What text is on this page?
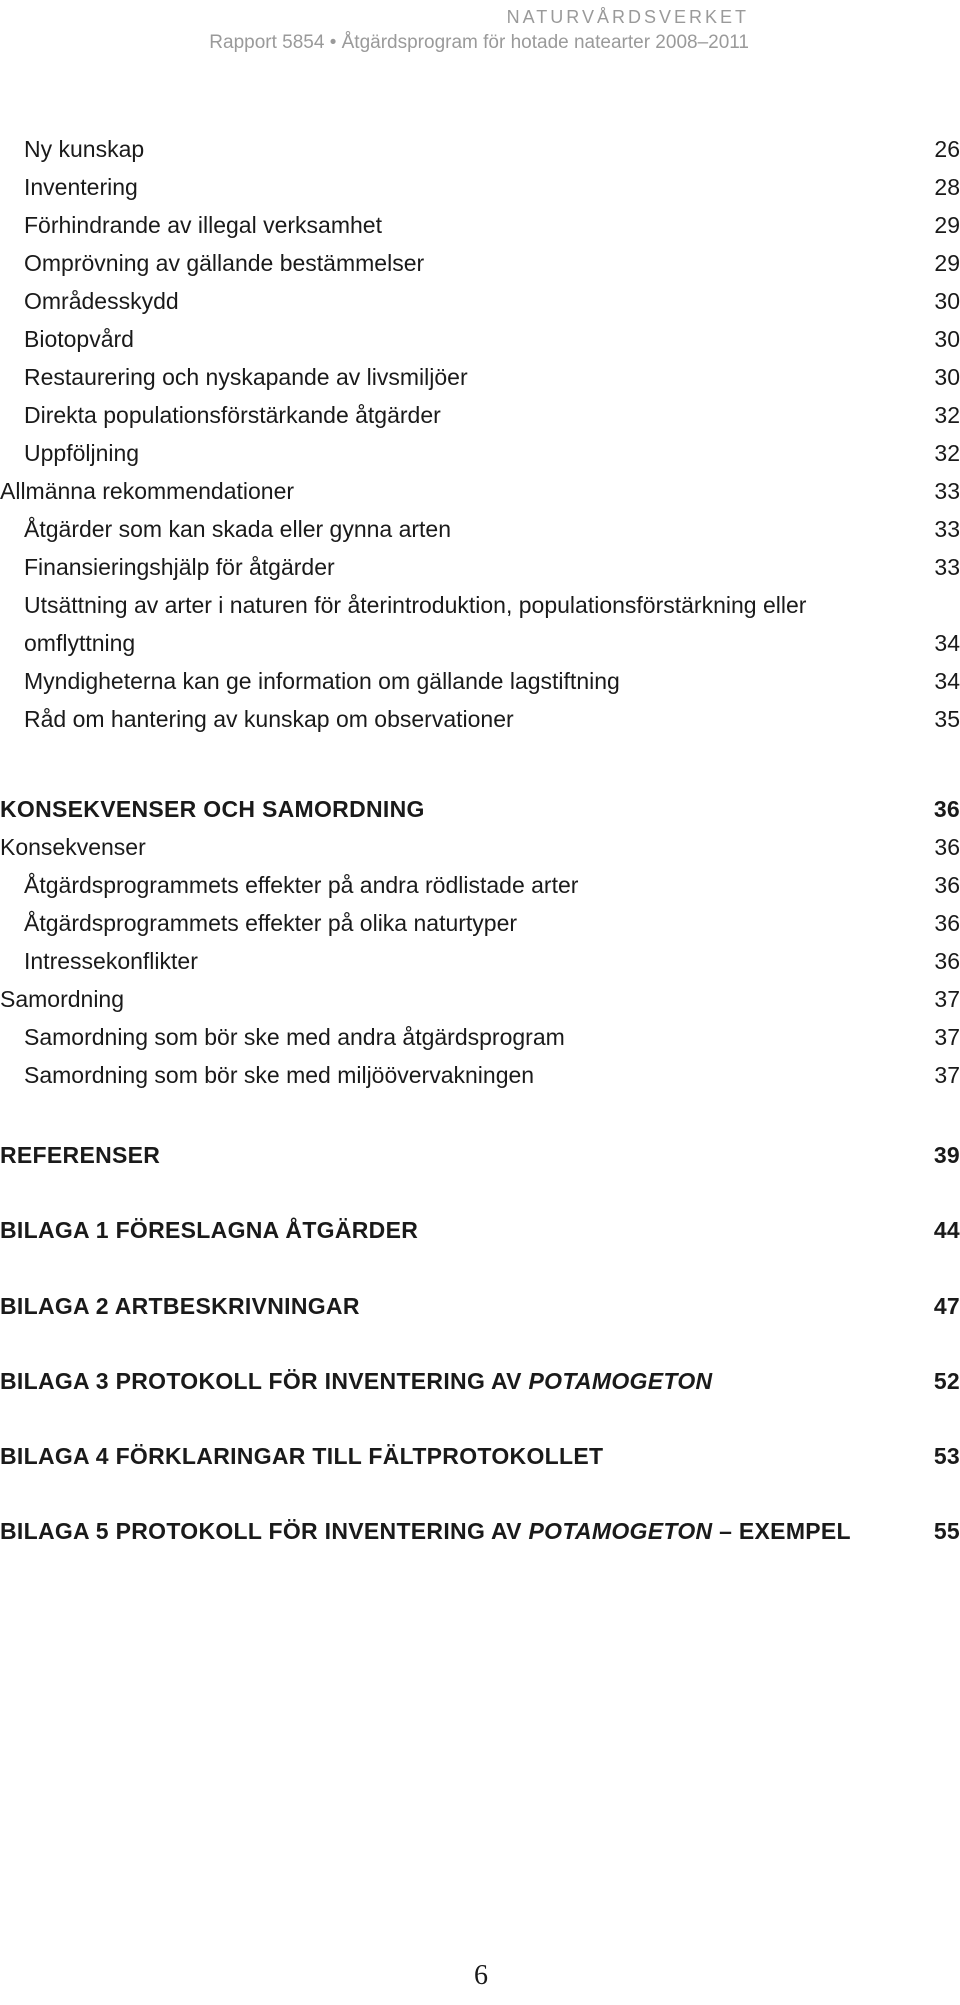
NATURVÅRDSVERKET
Rapport 5854 • Åtgärdsprogram för hotade natearter 2008–2011
Ny kunskap	26
Inventering	28
Förhindrande av illegal verksamhet	29
Omprövning av gällande bestämmelser	29
Områdesskydd	30
Biotopvård	30
Restaurering och nyskapande av livsmiljöer	30
Direkta populationsförstärkande åtgärder	32
Uppföljning	32
Allmänna rekommendationer	33
Åtgärder som kan skada eller gynna arten	33
Finansieringshjälp för åtgärder	33
Utsättning av arter i naturen för återintroduktion, populationsförstärkning eller
omflyttning	34
Myndigheterna kan ge information om gällande lagstiftning	34
Råd om hantering av kunskap om observationer	35
KONSEKVENSER OCH SAMORDNING	36
Konsekvenser	36
Åtgärdsprogrammets effekter på andra rödlistade arter	36
Åtgärdsprogrammets effekter på olika naturtyper	36
Intressekonflikter	36
Samordning	37
Samordning som bör ske med andra åtgärdsprogram	37
Samordning som bör ske med miljöövervakningen	37
REFERENSER	39
BILAGA 1 FÖRESLAGNA ÅTGÄRDER	44
BILAGA 2 ARTBESKRIVNINGAR	47
BILAGA 3 PROTOKOLL FÖR INVENTERING AV POTAMOGETON	52
BILAGA 4 FÖRKLARINGAR TILL FÄLTPROTOKOLLET	53
BILAGA 5 PROTOKOLL FÖR INVENTERING AV POTAMOGETON – EXEMPEL	55
6
